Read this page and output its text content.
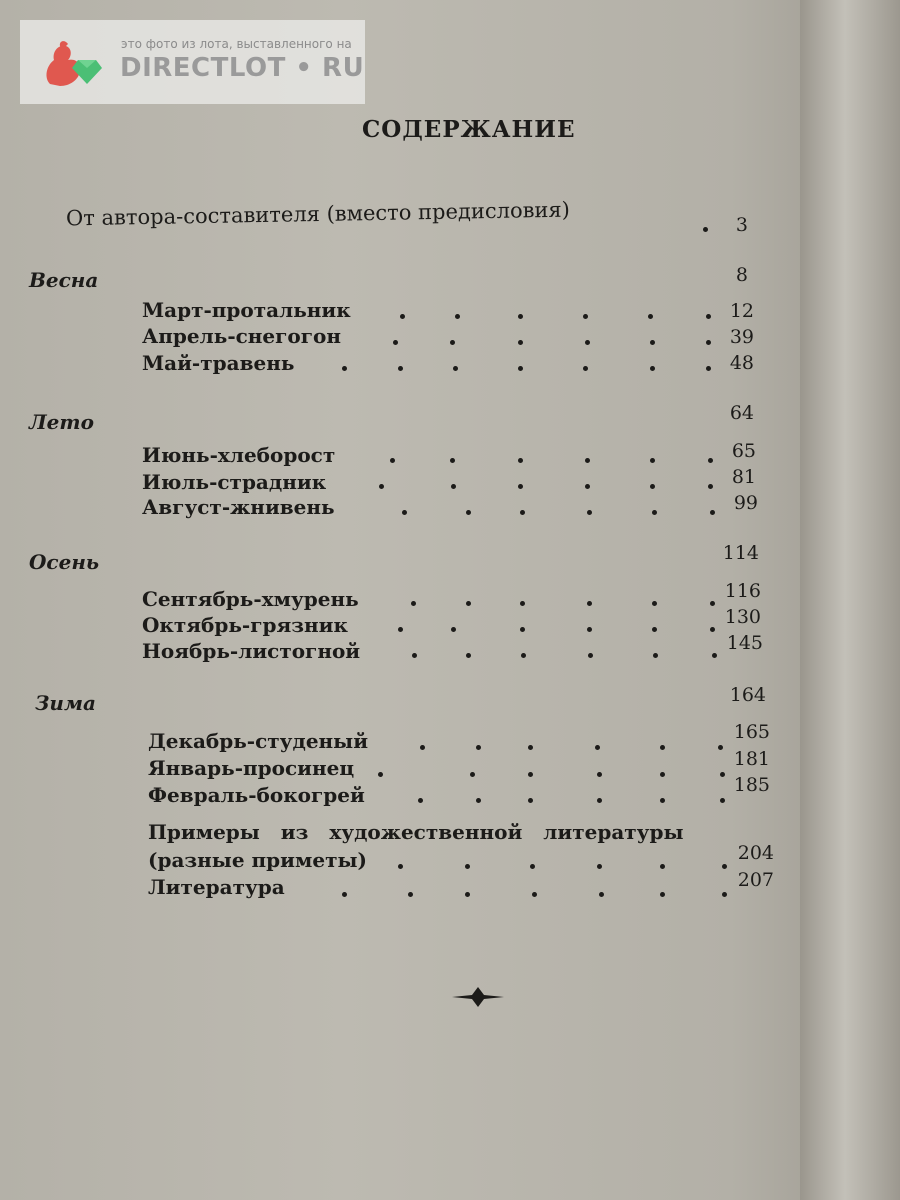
это фото из лота, выставленного на
DIRECTLOT • RU
СОДЕРЖАНИЕ
От автора-составителя (вместо предисловия)	3
Весна	8
Март-протальник	12
Апрель-снегогон	39
Май-травень	48
Лето	64
Июнь-хлеборост	65
Июль-страдник	81
Август-жнивень	99
Осень	114
Сентябрь-хмурень	116
Октябрь-грязник	130
Ноябрь-листогной	145
Зима	164
Декабрь-студеный	165
Январь-просинец	181
Февраль-бокогрей	185
Примеры из художественной литературы
(разные приметы)	204
Литература	207
